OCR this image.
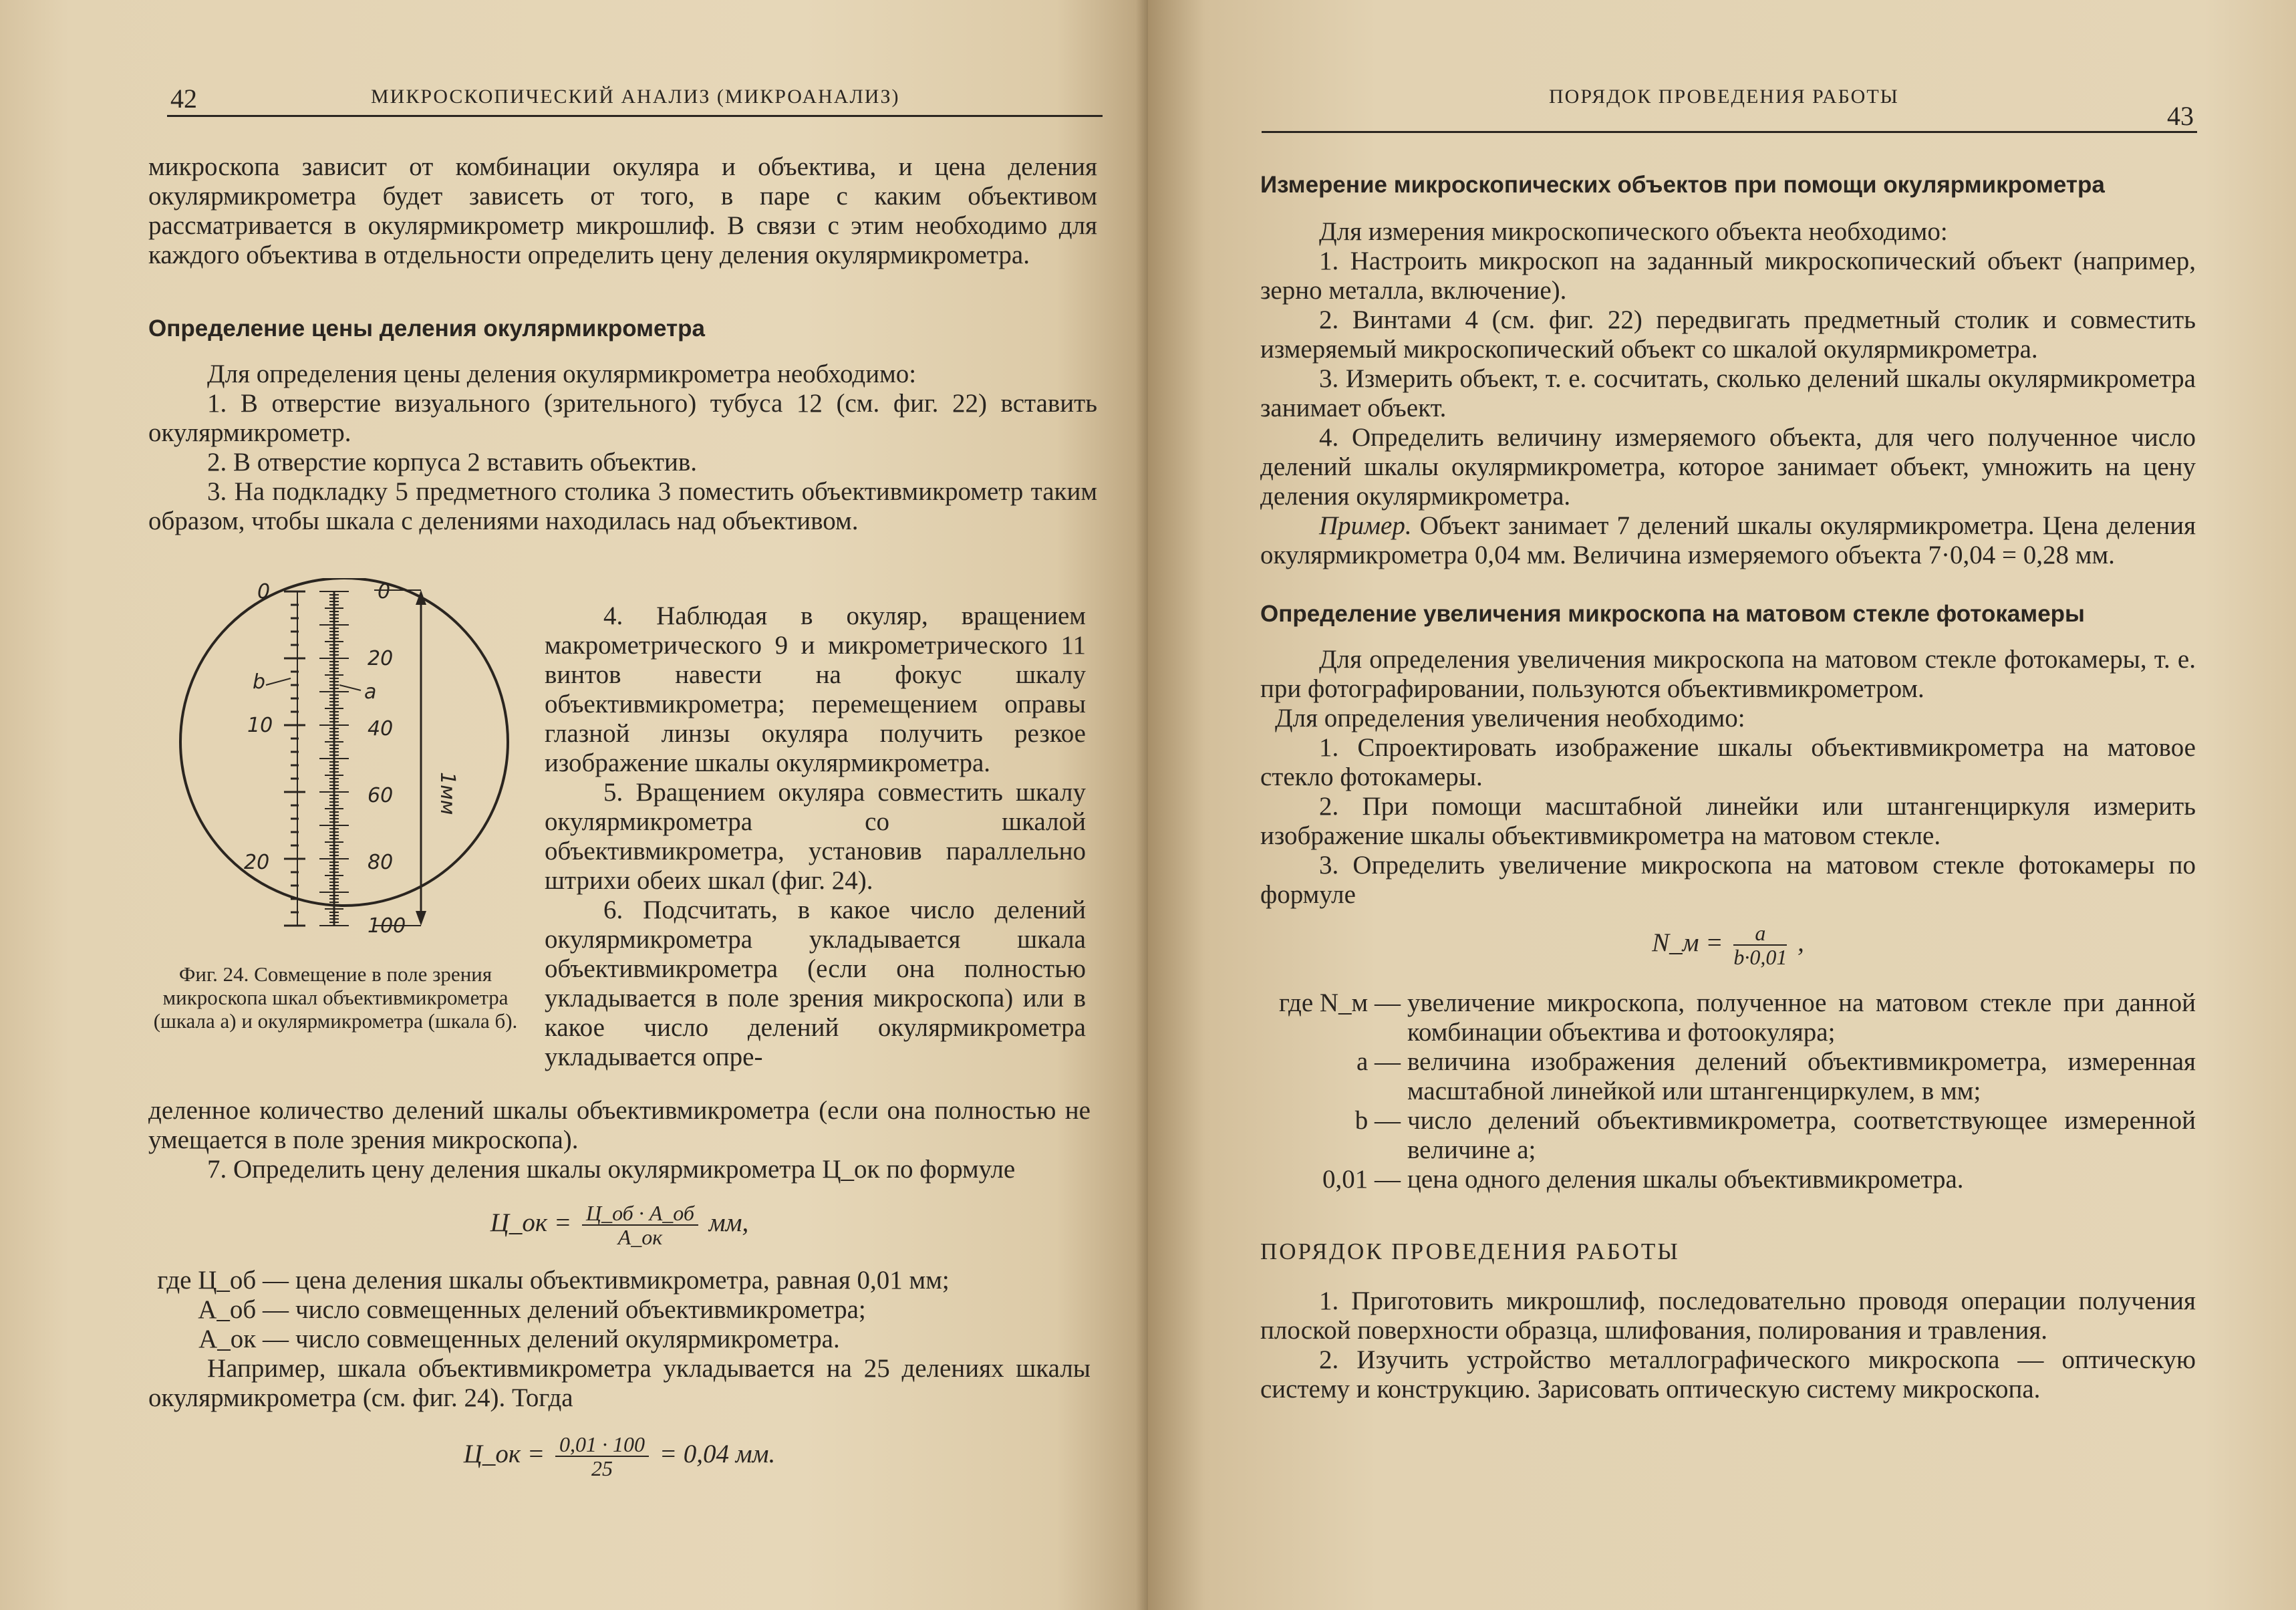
42	МИКРОСКОПИЧЕСКИЙ АНАЛИЗ (МИКРОАНАЛИЗ)

микроскопа зависит от комбинации окуляра и объектива, и цена деления окулярмикрометра будет зависеть от того, в паре с каким объективом рассматривается в окулярмикрометр микрошлиф. В связи с этим необходимо для каждого объектива в отдельности определить цену деления окулярмикрометра.

Определение цены деления окулярмикрометра

Для определения цены деления окулярмикрометра необходимо:

1. В отверстие визуального (зрительного) тубуса 12 (см. фиг. 22) вставить окулярмикрометр.

2. В отверстие корпуса 2 вставить объектив.

3. На подкладку 5 предметного столика 3 поместить объективмикрометр таким образом, чтобы шкала с делениями находилась над объективом.

0
10
20
0
20
40
60
80
100
а
b
1мм
Фиг. 24. Совмещение в поле зрения микроскопа шкал объективмикрометра (шкала а) и окулярмикрометра (шкала б).

4. Наблюдая в окуляр, вращением макрометрического 9 и микрометрического 11 винтов навести на фокус шкалу объективмикрометра; перемещением оправы глазной линзы окуляра получить резкое изображение шкалы окулярмикрометра.

5. Вращением окуляра совместить шкалу окулярмикрометра со шкалой объективмикрометра, установив параллельно штрихи обеих шкал (фиг. 24).

6. Подсчитать, в какое число делений окулярмикрометра укладывается шкала объективмикрометра (если она полностью укладывается в поле зрения микроскопа) или в какое число делений окулярмикрометра укладывается опре-

деленное количество делений шкалы объективмикрометра (если она полностью не умещается в поле зрения микроскопа).

7. Определить цену деления шкалы окулярмикрометра Ц_ок по формуле

Ц_ок = $\frac{Ц\_об \cdot А\_об}{А\_ок}$ мм,
где Ц_об — цена деления шкалы объективмикрометра, равная 0,01 мм;
А_об — число совмещенных делений объективмикрометра;
А_ок — число совмещенных делений окулярмикрометра.

Например, шкала объективмикрометра укладывается на 25 делениях шкалы окулярмикрометра (см. фиг. 24). Тогда

Ц_ок = $\frac{0,01 \cdot 100}{25} = 0,04$ мм.
ПОРЯДОК ПРОВЕДЕНИЯ РАБОТЫ
43

Измерение микроскопических объектов при помощи окулярмикрометра

Для измерения микроскопического объекта необходимо:

1. Настроить микроскоп на заданный микроскопический объект (например, зерно металла, включение).

2. Винтами 4 (см. фиг. 22) передвигать предметный столик и совместить измеряемый микроскопический объект со шкалой окулярмикрометра.

3. Измерить объект, т. е. сосчитать, сколько делений шкалы окулярмикрометра занимает объект.

4. Определить величину измеряемого объекта, для чего полученное число делений шкалы окулярмикрометра, которое занимает объект, умножить на цену деления окулярмикрометра.

Пример. Объект занимает 7 делений шкалы окулярмикрометра. Цена деления окулярмикрометра 0,04 мм. Величина измеряемого объекта 7·0,04 = 0,28 мм.

Определение увеличения микроскопа на матовом стекле фотокамеры

Для определения увеличения микроскопа на матовом стекле фотокамеры, т. е. при фотографировании, пользуются объективмикрометром.

Для определения увеличения необходимо:

1. Спроектировать изображение шкалы объективмикрометра на матовое стекло фотокамеры.

2. При помощи масштабной линейки или штангенциркуля измерить изображение шкалы объективмикрометра на матовом стекле.

3. Определить увеличение микроскопа на матовом стекле фотокамеры по формуле

N_м = $\frac{a}{b\cdot 0,01}$ ,
где N_м — увеличение микроскопа, полученное на матовом стекле при данной комбинации объектива и фотоокуляра;
a — величина изображения делений объективмикрометра, измеренная масштабной линейкой или штангенциркулем, в мм;
b — число делений объективмикрометра, соответствующее измеренной величине a;
0,01 — цена одного деления шкалы объективмикрометра.

ПОРЯДОК ПРОВЕДЕНИЯ РАБОТЫ

1. Приготовить микрошлиф, последовательно проводя операции получения плоской поверхности образца, шлифования, полирования и травления.

2. Изучить устройство металлографического микроскопа — оптическую систему и конструкцию. Зарисовать оптическую систему микроскопа.
